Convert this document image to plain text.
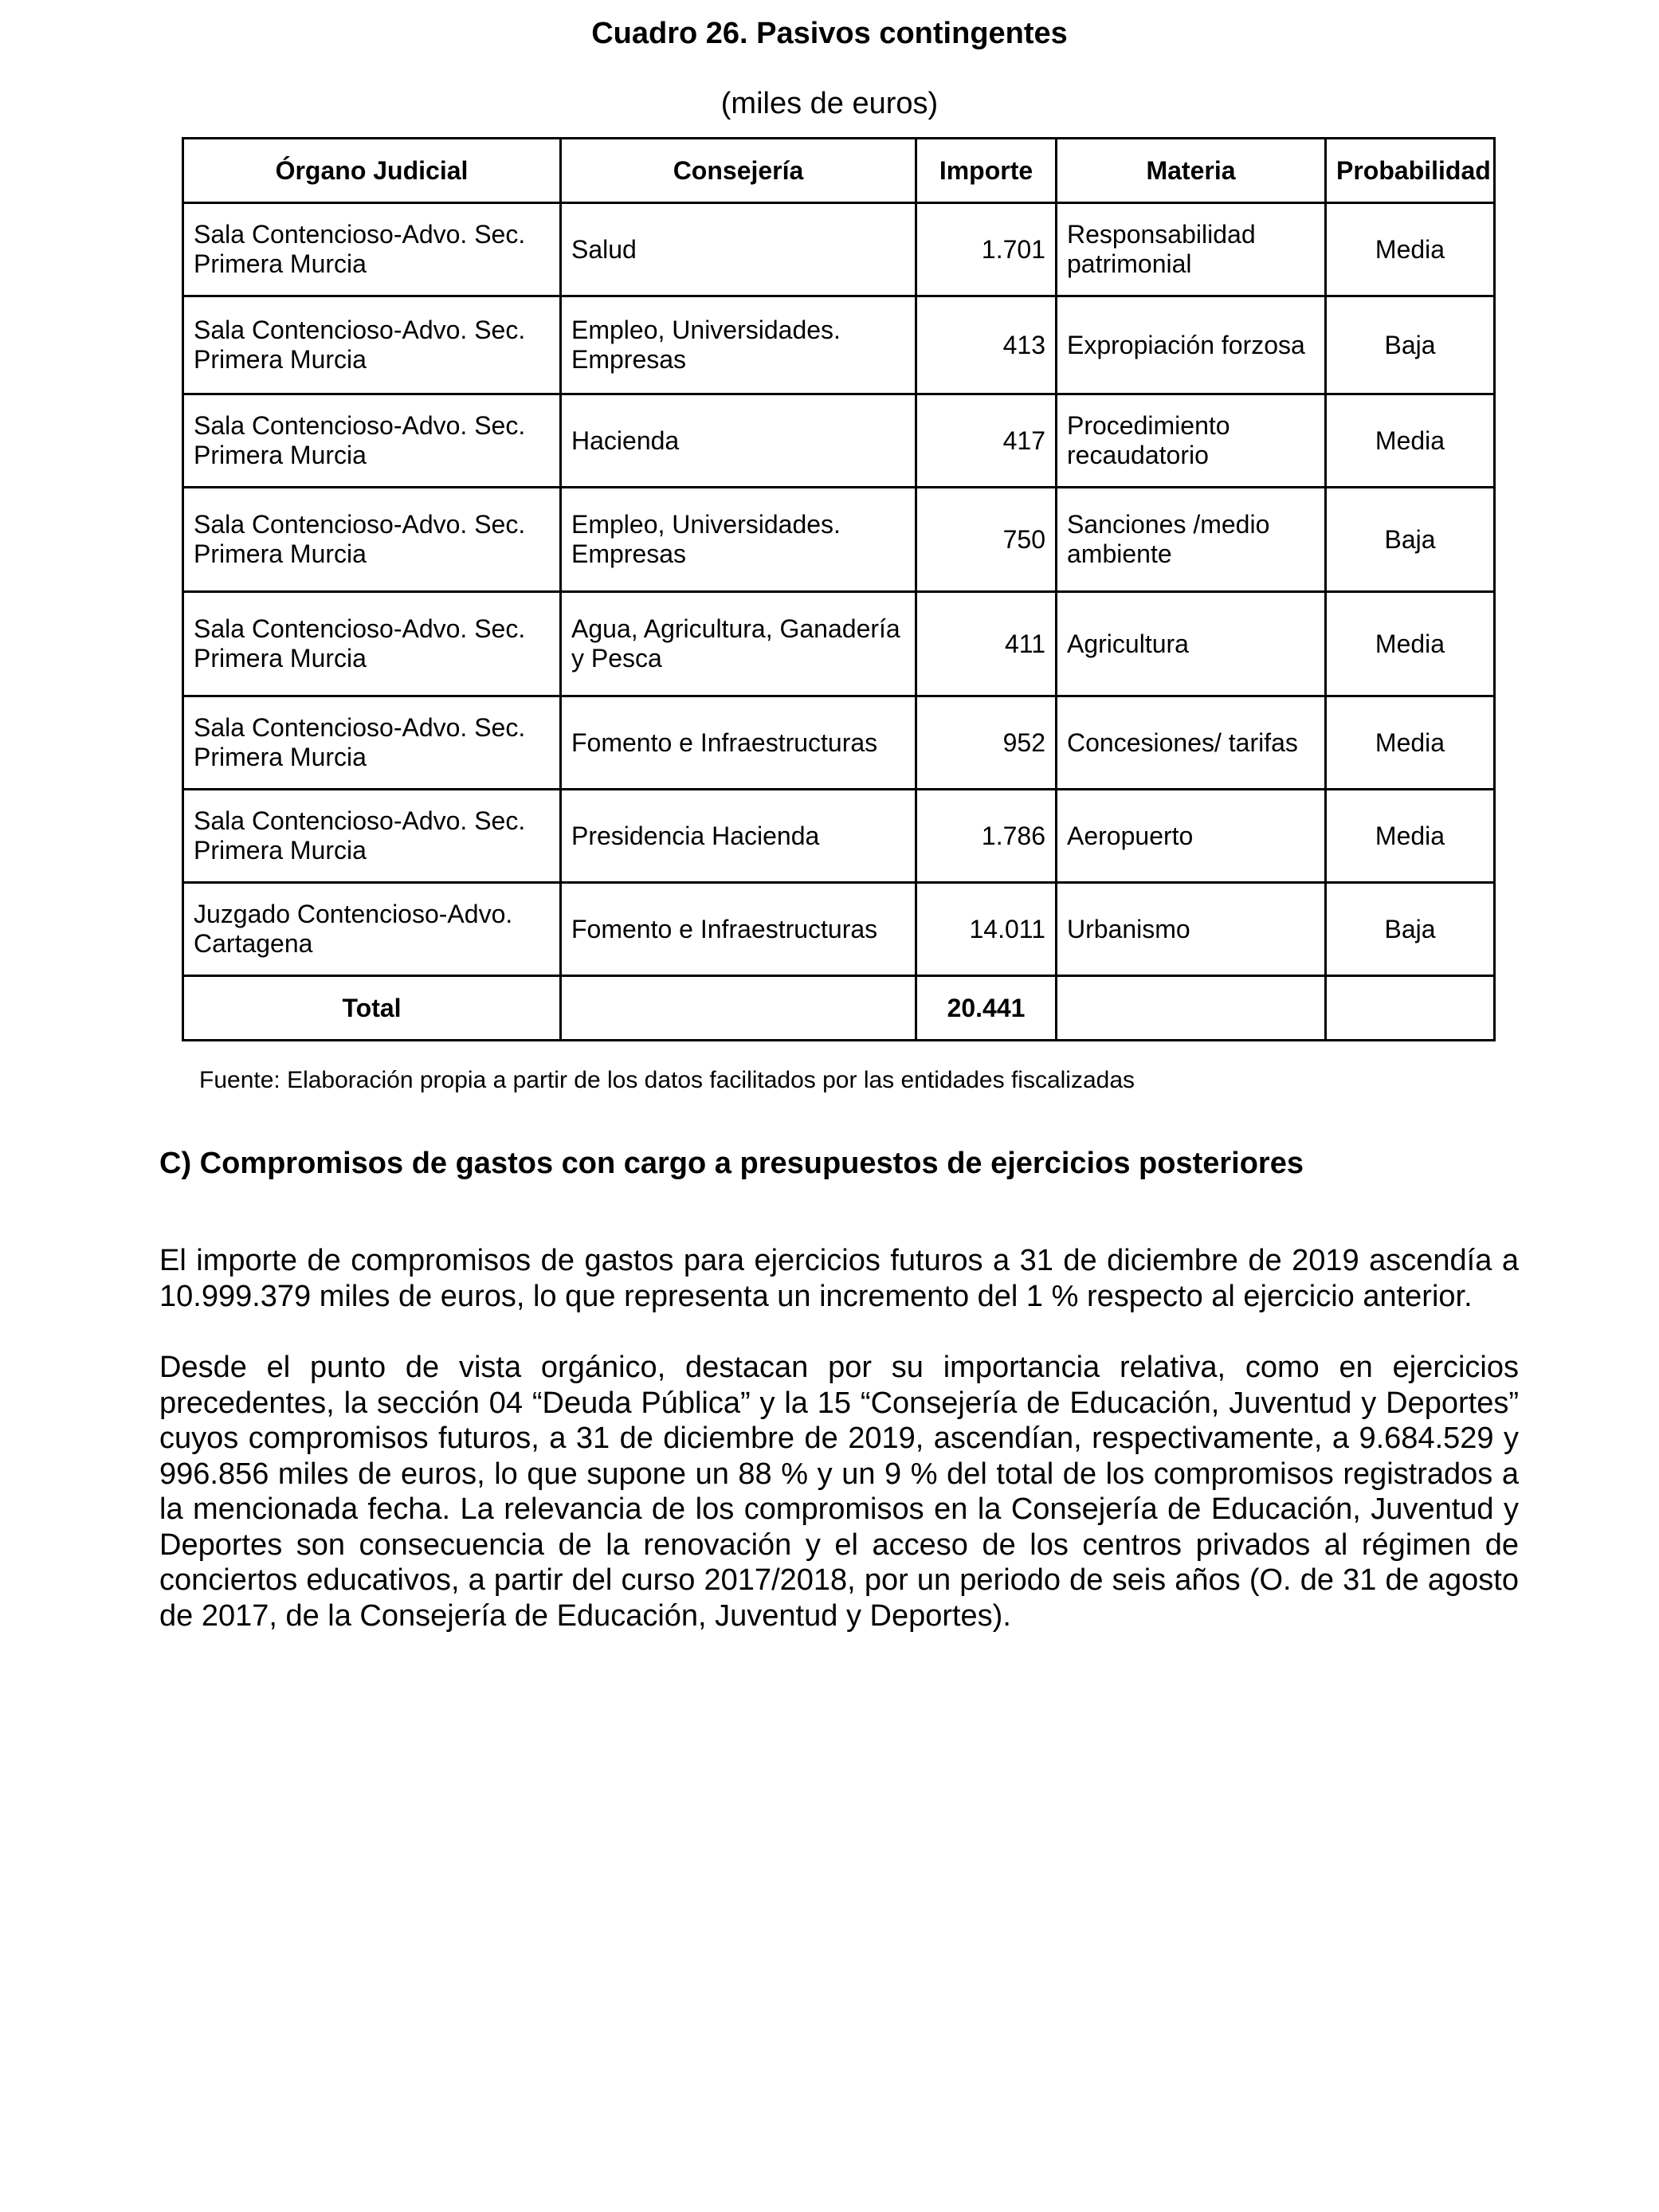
Cuadro 26. Pasivos contingentes
(miles de euros)
Órgano Judicial	Consejería	Importe	Materia	Probabilidad
Sala Contencioso-Advo. Sec. Primera Murcia	Salud	1.701	Responsabilidad patrimonial	Media
Sala Contencioso-Advo. Sec. Primera Murcia	Empleo, Universidades. Empresas	413	Expropiación forzosa	Baja
Sala Contencioso-Advo. Sec. Primera Murcia	Hacienda	417	Procedimiento recaudatorio	Media
Sala Contencioso-Advo. Sec. Primera Murcia	Empleo, Universidades. Empresas	750	Sanciones /medio ambiente	Baja
Sala Contencioso-Advo. Sec. Primera Murcia	Agua, Agricultura, Ganadería y Pesca	411	Agricultura	Media
Sala Contencioso-Advo. Sec. Primera Murcia	Fomento e Infraestructuras	952	Concesiones/ tarifas	Media
Sala Contencioso-Advo. Sec. Primera Murcia	Presidencia Hacienda	1.786	Aeropuerto	Media
Juzgado Contencioso-Advo. Cartagena	Fomento e Infraestructuras	14.011	Urbanismo	Baja
Total		20.441		
Fuente: Elaboración propia a partir de los datos facilitados por las entidades fiscalizadas
C) Compromisos de gastos con cargo a presupuestos de ejercicios posteriores

El importe de compromisos de gastos para ejercicios futuros a 31 de diciembre de 2019 ascendía a 10.999.379 miles de euros, lo que representa un incremento del 1 % respecto al ejercicio anterior.

Desde el punto de vista orgánico, destacan por su importancia relativa, como en ejercicios precedentes, la sección 04 “Deuda Pública” y la 15 “Consejería de Educación, Juventud y Deportes” cuyos compromisos futuros, a 31 de diciembre de 2019, ascendían, respectivamente, a 9.684.529 y 996.856 miles de euros, lo que supone un 88 % y un 9 % del total de los compromisos registrados a la mencionada fecha. La relevancia de los compromisos en la Consejería de Educación, Juventud y Deportes son consecuencia de la renovación y el acceso de los centros privados al régimen de conciertos educativos, a partir del curso 2017/2018, por un periodo de seis años (O. de 31 de agosto de 2017, de la Consejería de Educación, Juventud y Deportes).
